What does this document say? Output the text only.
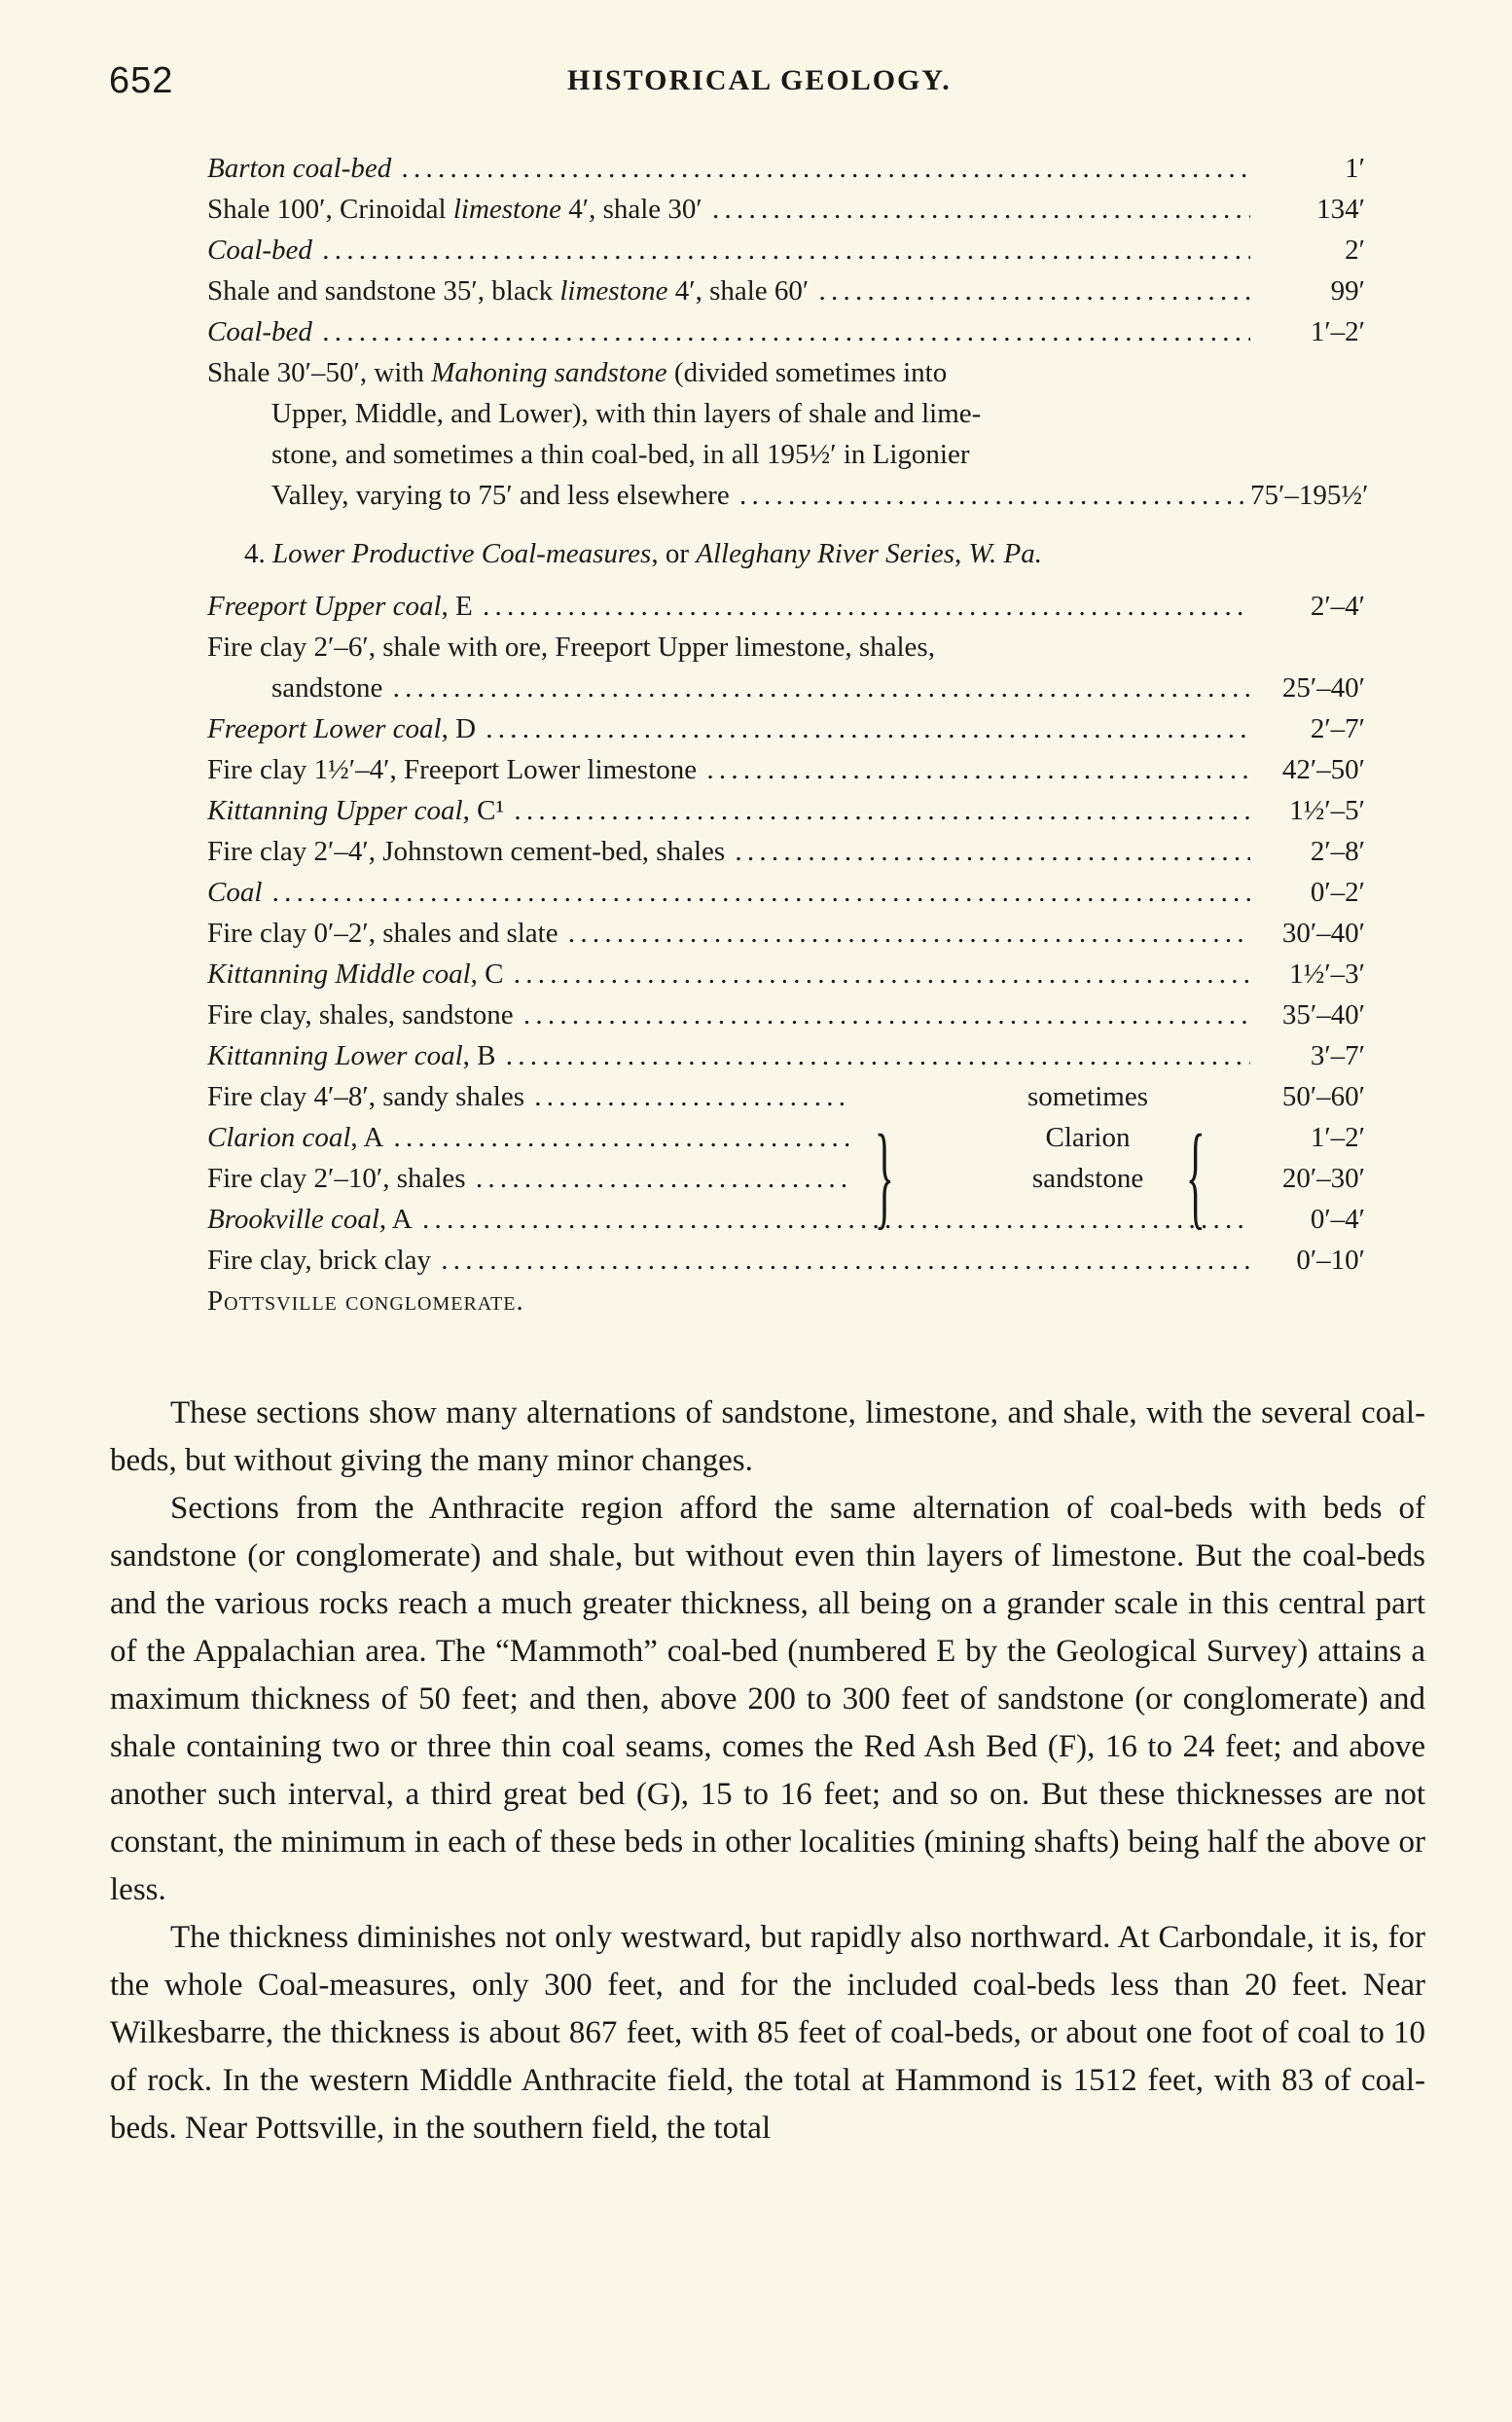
652	HISTORICAL GEOLOGY.
Barton coal-bed . . .	1′
Shale 100′, Crinoidal limestone 4′, shale 30′ . . .	134′
Coal-bed . . .	2′
Shale and sandstone 35′, black limestone 4′, shale 60′ . . .	99′
Coal-bed . . .	1′–2′
Shale 30′–50′, with Mahoning sandstone (divided sometimes into
Upper, Middle, and Lower), with thin layers of shale and lime-
stone, and sometimes a thin coal-bed, in all 195½′ in Ligonier
Valley, varying to 75′ and less elsewhere . . .	75′–195½′
4. Lower Productive Coal-measures, or Alleghany River Series, W. Pa.
Freeport Upper coal, E . . .	2′–4′
Fire clay 2′–6′, shale with ore, Freeport Upper limestone, shales,
sandstone . . .	25′–40′
Freeport Lower coal, D . . .	2′–7′
Fire clay 1½′–4′, Freeport Lower limestone . . .	42′–50′
Kittanning Upper coal, C¹ . . .	1½′–5′
Fire clay 2′–4′, Johnstown cement-bed, shales . . .	2′–8′
Coal . . .	0′–2′
Fire clay 0′–2′, shales and slate . . .	30′–40′
Kittanning Middle coal, C . . .	1½′–3′
Fire clay, shales, sandstone . . .	35′–40′
Kittanning Lower coal, B . . .	3′–7′
Fire clay 4′–8′, sandy shales . . .	sometimes	50′–60′
Clarion coal, A . . .	Clarion	1′–2′
Fire clay 2′–10′, shales . . .	sandstone	20′–30′
Brookville coal, A . . .	0′–4′
Fire clay, brick clay . . .	0′–10′
Pottsville conglomerate.
} {

These sections show many alternations of sandstone, limestone, and shale, with the several coal-beds, but without giving the many minor changes.

Sections from the Anthracite region afford the same alternation of coal-beds with beds of sandstone (or conglomerate) and shale, but without even thin layers of limestone. But the coal-beds and the various rocks reach a much greater thickness, all being on a grander scale in this central part of the Appalachian area. The “Mammoth” coal-bed (numbered E by the Geological Survey) attains a maximum thickness of 50 feet; and then, above 200 to 300 feet of sandstone (or conglomerate) and shale containing two or three thin coal seams, comes the Red Ash Bed (F), 16 to 24 feet; and above another such interval, a third great bed (G), 15 to 16 feet; and so on. But these thicknesses are not constant, the minimum in each of these beds in other localities (mining shafts) being half the above or less.

The thickness diminishes not only westward, but rapidly also northward. At Carbondale, it is, for the whole Coal-measures, only 300 feet, and for the included coal-beds less than 20 feet. Near Wilkesbarre, the thickness is about 867 feet, with 85 feet of coal-beds, or about one foot of coal to 10 of rock. In the western Middle Anthracite field, the total at Hammond is 1512 feet, with 83 of coal-beds. Near Pottsville, in the southern field, the total
